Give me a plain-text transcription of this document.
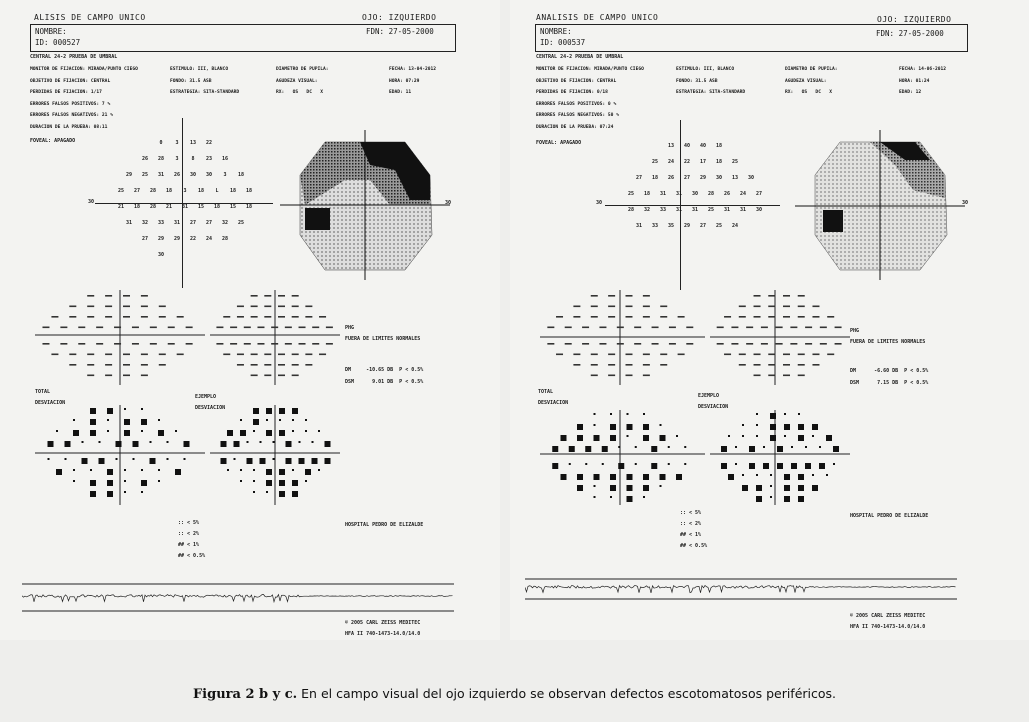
ALISIS DE CAMPO UNICO	OJO: IZQUIERDO
NOMBRE:
ID: 000527
FDN: 27-05-2000
CENTRAL 24-2 PRUEBA DE UMBRAL
MONITOR DE FIJACION: MIRADA/PUNTO CIEGO
OBJETIVO DE FIJACION: CENTRAL
PERDIDAS DE FIJACION: 1/17
ERRORES FALSOS POSITIVOS: 7 %
ERRORES FALSOS NEGATIVOS: 21 %
DURACION DE LA PRUEBA: 08:11
ESTIMULO: III, BLANCO
FONDO: 31.5 ASB
ESTRATEGIA: SITA-STANDARD
DIAMETRO DE PUPILA:
AGUDEZA VISUAL:
RX:   OS   DC   X
FECHA: 13-04-2012
HORA: 07:29
EDAD: 11
FOVEAL: APAGADO
30
0	3	13	22
26	28	3	8	23	16
29	25	31	26	30	30	3	18
25	27	28	18	3	18	L	18	18
21	18	28	21	31	15	18	15	18
31	32	33	31	27	27	32	25
27	29	29	22	24	28
30
30
PHG
FUERA DE LIMITES NORMALES
DM     -10.65 DB  P < 0.5%
DSM      9.01 DB  P < 0.5%
TOTAL
DESVIACION
EJEMPLO
DESVIACION
:: < 5%
:: < 2%
## < 1%
## < 0.5%
HOSPITAL PEDRO DE ELIZALDE
© 2005 CARL ZEISS MEDITEC
HFA II 740-1473-14.0/14.0
ANALISIS DE CAMPO UNICO	OJO: IZQUIERDO
NOMBRE:
ID: 000537
FDN: 27-05-2000
CENTRAL 24-2 PRUEBA DE UMBRAL
MONITOR DE FIJACION: MIRADA/PUNTO CIEGO
OBJETIVO DE FIJACION: CENTRAL
PERDIDAS DE FIJACION: 0/18
ERRORES FALSOS POSITIVOS: 0 %
ERRORES FALSOS NEGATIVOS: 50 %
DURACION DE LA PRUEBA: 07:24
ESTIMULO: III, BLANCO
FONDO: 31.5 ASB
ESTRATEGIA: SITA-STANDARD
DIAMETRO DE PUPILA:
AGUDEZA VISUAL:
RX:   OS   DC   X
FECHA: 14-06-2012
HORA: 01:24
EDAD: 12
FOVEAL: APAGADO
30
13	40	40	18
25	24	22	17	18	25
27	18	26	27	29	30	13	30
25	18	31	31	30	28	26	24	27
28	32	33	31	31	25	31	31	30
31	33	35	29	27	25	24
30
PHG
FUERA DE LIMITES NORMALES
DM      -6.60 DB  P < 0.5%
DSM      7.15 DB  P < 0.5%
TOTAL
DESVIACION
EJEMPLO
DESVIACION
:: < 5%
:: < 2%
## < 1%
## < 0.5%
HOSPITAL PEDRO DE ELIZALDE
© 2005 CARL ZEISS MEDITEC
HFA II 740-1473-14.0/14.0
Figura 2 b y c. En el campo visual del ojo izquierdo se observan defectos escotomatosos periféricos.
